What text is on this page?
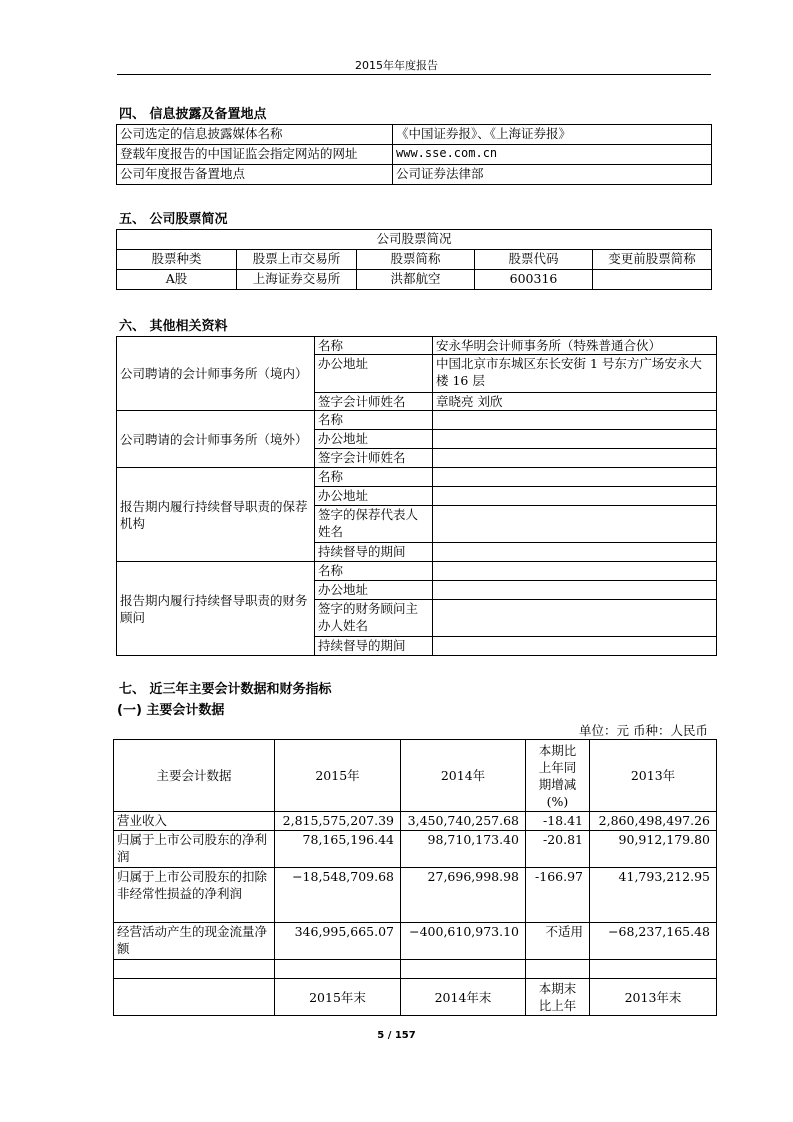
2015年年度报告
四、 信息披露及备置地点
公司选定的信息披露媒体名称	《中国证券报》、《上海证券报》
登载年度报告的中国证监会指定网站的网址	www.sse.com.cn
公司年度报告备置地点	公司证券法律部
五、 公司股票简况
公司股票简况				
股票种类	股票上市交易所	股票简称	股票代码	变更前股票简称
A股	上海证券交易所	洪都航空	600316	
六、 其他相关资料
公司聘请的会计师事务所（境内）	名称	安永华明会计师事务所（特殊普通合伙）
	办公地址	中国北京市东城区东长安街 1 号东方广场安永大楼 16 层
	签字会计师姓名	章晓亮 刘欣
公司聘请的会计师事务所（境外）	名称	
	办公地址	
	签字会计师姓名	
报告期内履行持续督导职责的保荐机构	名称	
	办公地址	
	签字的保荐代表人姓名	
	持续督导的期间	
报告期内履行持续督导职责的财务顾问	名称	
	办公地址	
	签字的财务顾问主办人姓名	
	持续督导的期间	
七、 近三年主要会计数据和财务指标
(一) 主要会计数据
单位：元 币种：人民币
主要会计数据	2015年	2014年	本期比上年同期增减(%)	2013年
营业收入	2,815,575,207.39	3,450,740,257.68	-18.41	2,860,498,497.26
归属于上市公司股东的净利润	78,165,196.44	98,710,173.40	-20.81	90,912,179.80
归属于上市公司股东的扣除非经常性损益的净利润	−18,548,709.68	27,696,998.98	-166.97	41,793,212.95
经营活动产生的现金流量净额	346,995,665.07	−400,610,973.10	不适用	−68,237,165.48

	2015年末	2014年末	本期末比上年	2013年末
5 / 157
